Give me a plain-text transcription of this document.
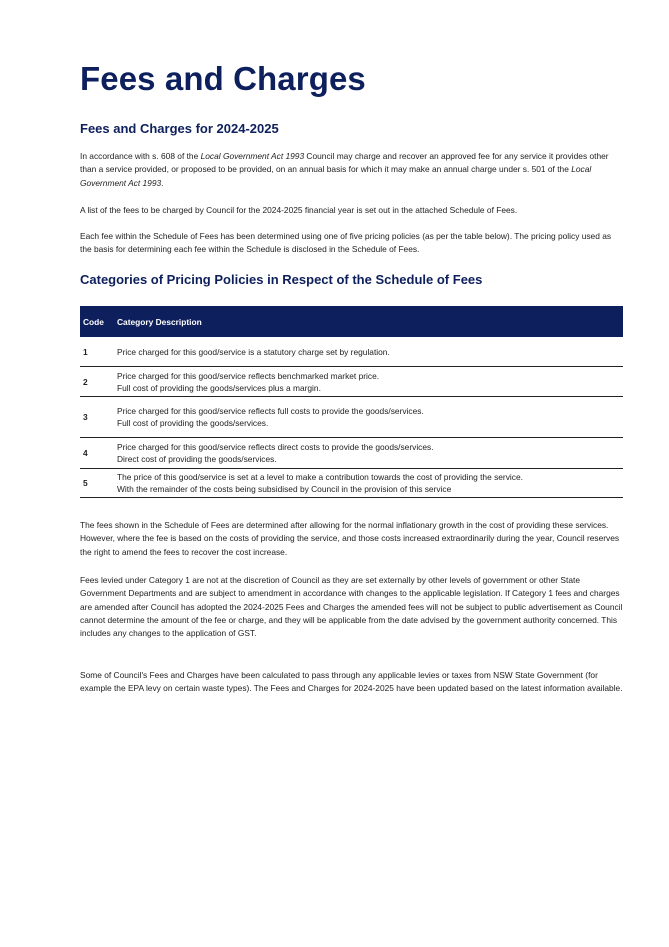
Fees and Charges
Fees and Charges for 2024-2025

In accordance with s. 608 of the Local Government Act 1993 Council may charge and recover an approved fee for any service it provides other than a service provided, or proposed to be provided, on an annual basis for which it may make an annual charge under s. 501 of the Local Government Act 1993.

A list of the fees to be charged by Council for the 2024-2025 financial year is set out in the attached Schedule of Fees.

Each fee within the Schedule of Fees has been determined using one of five pricing policies (as per the table below). The pricing policy used as the basis for determining each fee within the Schedule is disclosed in the Schedule of Fees.

Categories of Pricing Policies in Respect of the Schedule of Fees
Code	Category Description
1	Price charged for this good/service is a statutory charge set by regulation.

2	Price charged for this good/service reflects benchmarked market price.
Full cost of providing the goods/services plus a margin.

3	Price charged for this good/service reflects full costs to provide the goods/services.
Full cost of providing the goods/services.

4	Price charged for this good/service reflects direct costs to provide the goods/services.
Direct cost of providing the goods/services.

5	The price of this good/service is set at a level to make a contribution towards the cost of providing the service.
With the remainder of the costs being subsidised by Council in the provision of this service

The fees shown in the Schedule of Fees are determined after allowing for the normal inflationary growth in the cost of providing these services. However, where the fee is based on the costs of providing the service, and those costs increased extraordinarily during the year, Council reserves the right to amend the fees to recover the cost increase.

Fees levied under Category 1 are not at the discretion of Council as they are set externally by other levels of government or other State Government Departments and are subject to amendment in accordance with changes to the applicable legislation. If Category 1 fees and charges are amended after Council has adopted the 2024-2025 Fees and Charges the amended fees will not be subject to public advertisement as Council cannot determine the amount of the fee or charge, and they will be applicable from the date advised by the government authority concerned. This includes any changes to the application of GST.

Some of Council's Fees and Charges have been calculated to pass through any applicable levies or taxes from NSW State Government (for example the EPA levy on certain waste types). The Fees and Charges for 2024-2025 have been updated based on the latest information available.
